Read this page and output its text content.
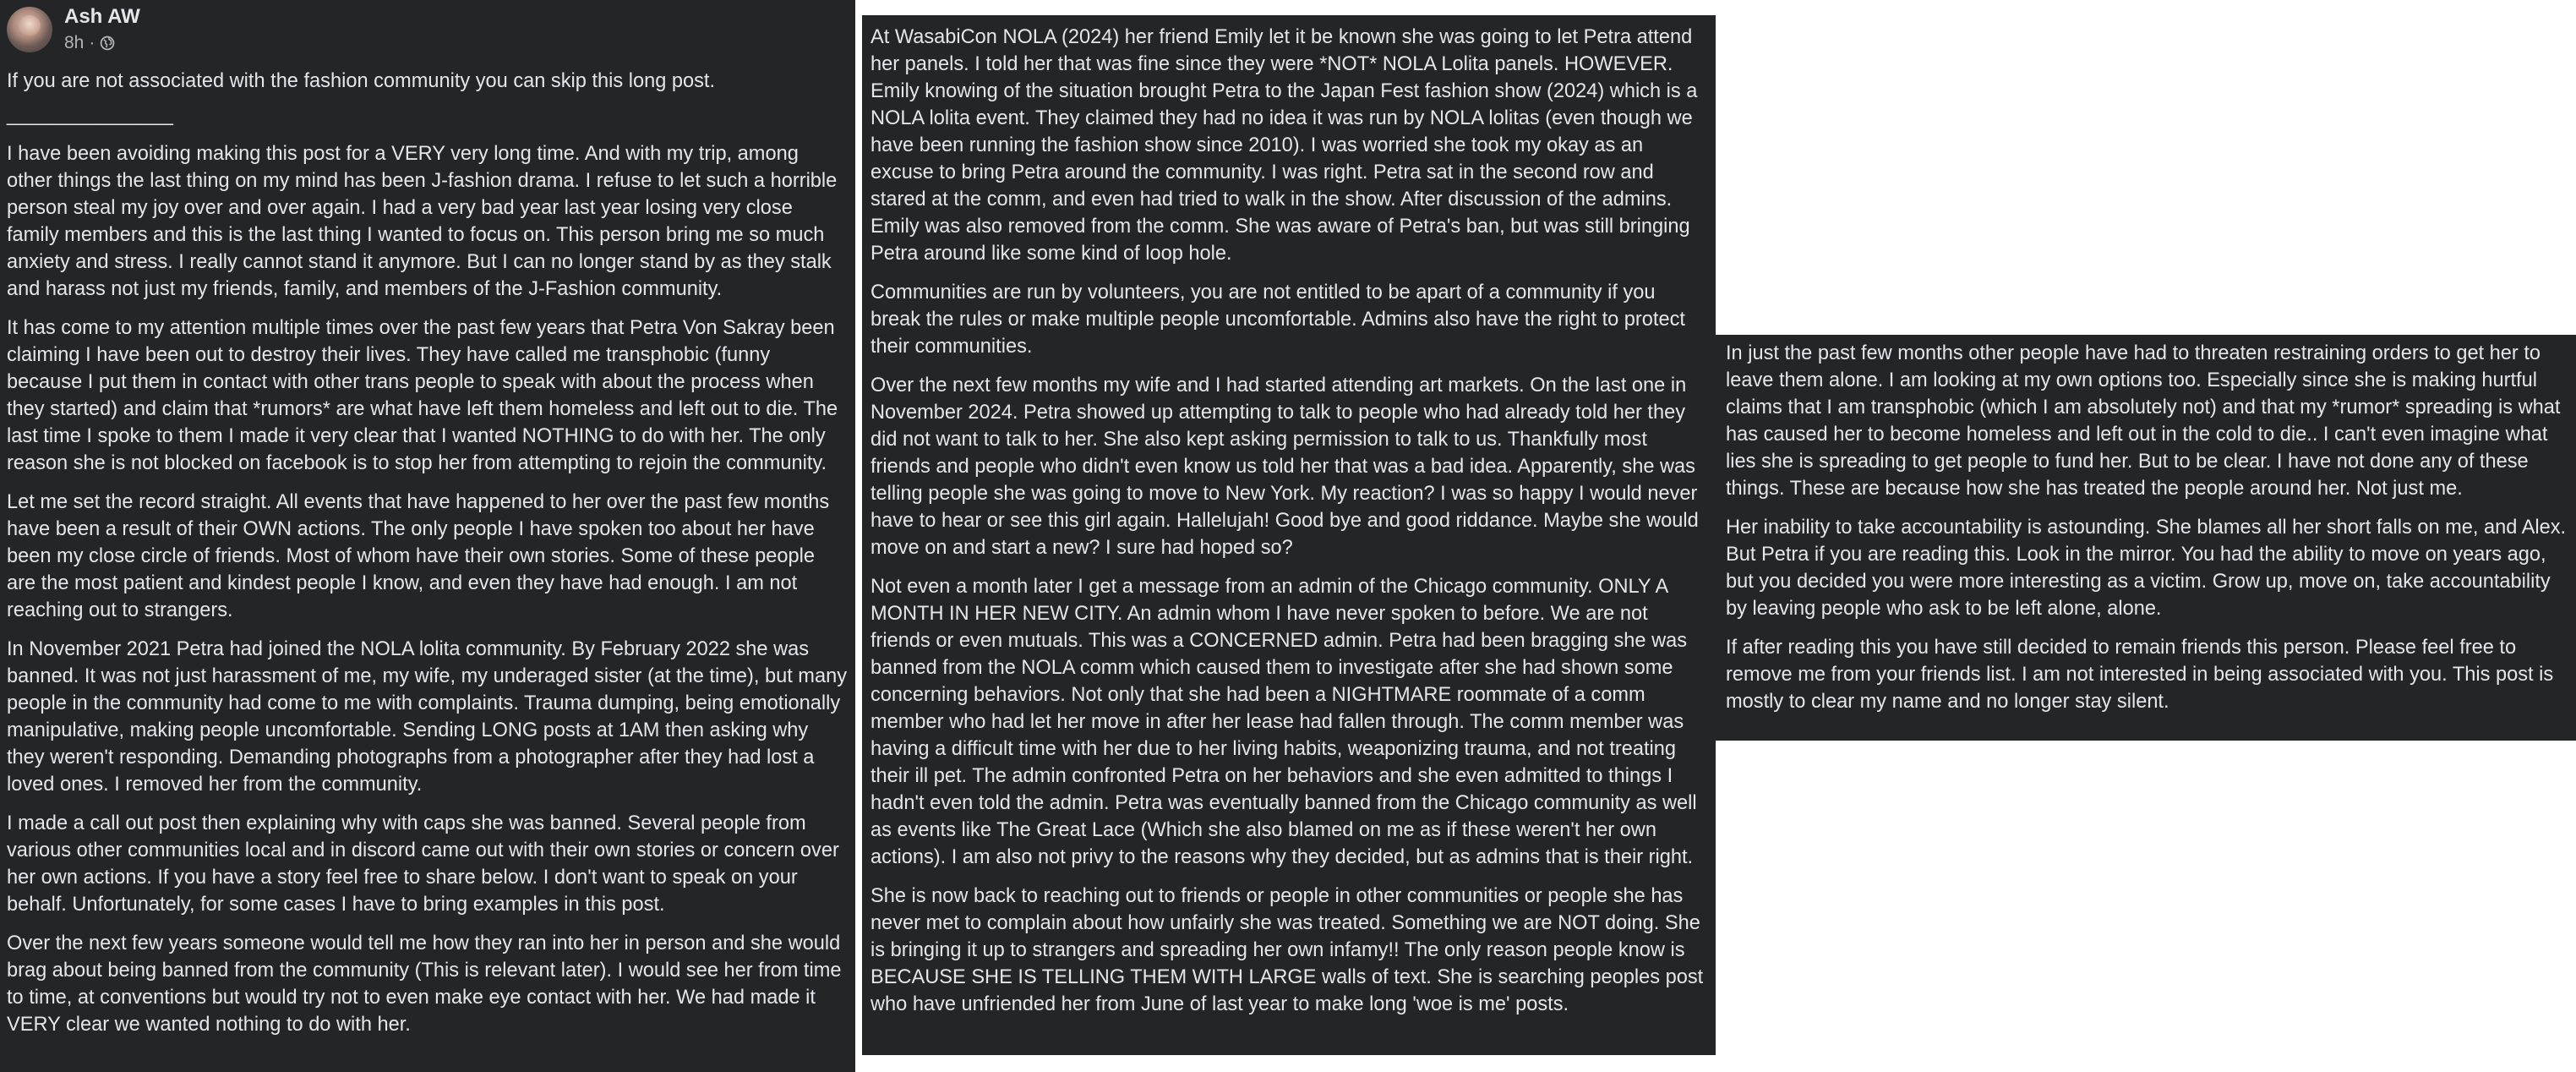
Ash AW
8h ·

If you are not associated with the fashion community you can skip this long post.

_______________

I have been avoiding making this post for a VERY very long time. And with my trip, among other things the last thing on my mind has been J-fashion drama. I refuse to let such a horrible person steal my joy over and over again. I had a very bad year last year losing very close family members and this is the last thing I wanted to focus on. This person bring me so much anxiety and stress. I really cannot stand it anymore. But I can no longer stand by as they stalk and harass not just my friends, family, and members of the J-Fashion community.

It has come to my attention multiple times over the past few years that Petra Von Sakray been claiming I have been out to destroy their lives. They have called me transphobic (funny because I put them in contact with other trans people to speak with about the process when they started) and claim that *rumors* are what have left them homeless and left out to die. The last time I spoke to them I made it very clear that I wanted NOTHING to do with her. The only reason she is not blocked on facebook is to stop her from attempting to rejoin the community.

Let me set the record straight. All events that have happened to her over the past few months have been a result of their OWN actions. The only people I have spoken too about her have been my close circle of friends. Most of whom have their own stories. Some of these people are the most patient and kindest people I know, and even they have had enough. I am not reaching out to strangers.

In November 2021 Petra had joined the NOLA lolita community. By February 2022 she was banned. It was not just harassment of me, my wife, my underaged sister (at the time), but many people in the community had come to me with complaints. Trauma dumping, being emotionally manipulative, making people uncomfortable. Sending LONG posts at 1AM then asking why they weren't responding. Demanding photographs from a photographer after they had lost a loved ones. I removed her from the community.

I made a call out post then explaining why with caps she was banned. Several people from various other communities local and in discord came out with their own stories or concern over her own actions. If you have a story feel free to share below. I don't want to speak on your behalf. Unfortunately, for some cases I have to bring examples in this post.

Over the next few years someone would tell me how they ran into her in person and she would brag about being banned from the community (This is relevant later). I would see her from time to time, at conventions but would try not to even make eye contact with her. We had made it VERY clear we wanted nothing to do with her.

At WasabiCon NOLA (2024) her friend Emily let it be known she was going to let Petra attend her panels. I told her that was fine since they were *NOT* NOLA Lolita panels. HOWEVER. Emily knowing of the situation brought Petra to the Japan Fest fashion show (2024) which is a NOLA lolita event. They claimed they had no idea it was run by NOLA lolitas (even though we have been running the fashion show since 2010). I was worried she took my okay as an excuse to bring Petra around the community. I was right. Petra sat in the second row and stared at the comm, and even had tried to walk in the show. After discussion of the admins. Emily was also removed from the comm. She was aware of Petra's ban, but was still bringing Petra around like some kind of loop hole.

Communities are run by volunteers, you are not entitled to be apart of a community if you break the rules or make multiple people uncomfortable. Admins also have the right to protect their communities.

Over the next few months my wife and I had started attending art markets. On the last one in November 2024. Petra showed up attempting to talk to people who had already told her they did not want to talk to her. She also kept asking permission to talk to us. Thankfully most friends and people who didn't even know us told her that was a bad idea. Apparently, she was telling people she was going to move to New York. My reaction? I was so happy I would never have to hear or see this girl again. Hallelujah! Good bye and good riddance. Maybe she would move on and start a new? I sure had hoped so?

Not even a month later I get a message from an admin of the Chicago community. ONLY A MONTH IN HER NEW CITY. An admin whom I have never spoken to before. We are not friends or even mutuals. This was a CONCERNED admin. Petra had been bragging she was banned from the NOLA comm which caused them to investigate after she had shown some concerning behaviors. Not only that she had been a NIGHTMARE roommate of a comm member who had let her move in after her lease had fallen through. The comm member was having a difficult time with her due to her living habits, weaponizing trauma, and not treating their ill pet. The admin confronted Petra on her behaviors and she even admitted to things I hadn't even told the admin. Petra was eventually banned from the Chicago community as well as events like The Great Lace (Which she also blamed on me as if these weren't her own actions). I am also not privy to the reasons why they decided, but as admins that is their right.

She is now back to reaching out to friends or people in other communities or people she has never met to complain about how unfairly she was treated. Something we are NOT doing. She is bringing it up to strangers and spreading her own infamy!! The only reason people know is BECAUSE SHE IS TELLING THEM WITH LARGE walls of text. She is searching peoples post who have unfriended her from June of last year to make long 'woe is me' posts.

In just the past few months other people have had to threaten restraining orders to get her to leave them alone. I am looking at my own options too. Especially since she is making hurtful claims that I am transphobic (which I am absolutely not) and that my *rumor* spreading is what has caused her to become homeless and left out in the cold to die.. I can't even imagine what lies she is spreading to get people to fund her. But to be clear. I have not done any of these things. These are because how she has treated the people around her. Not just me.

Her inability to take accountability is astounding. She blames all her short falls on me, and Alex. But Petra if you are reading this. Look in the mirror. You had the ability to move on years ago, but you decided you were more interesting as a victim. Grow up, move on, take accountability by leaving people who ask to be left alone, alone.

If after reading this you have still decided to remain friends this person. Please feel free to remove me from your friends list. I am not interested in being associated with you. This post is mostly to clear my name and no longer stay silent.
